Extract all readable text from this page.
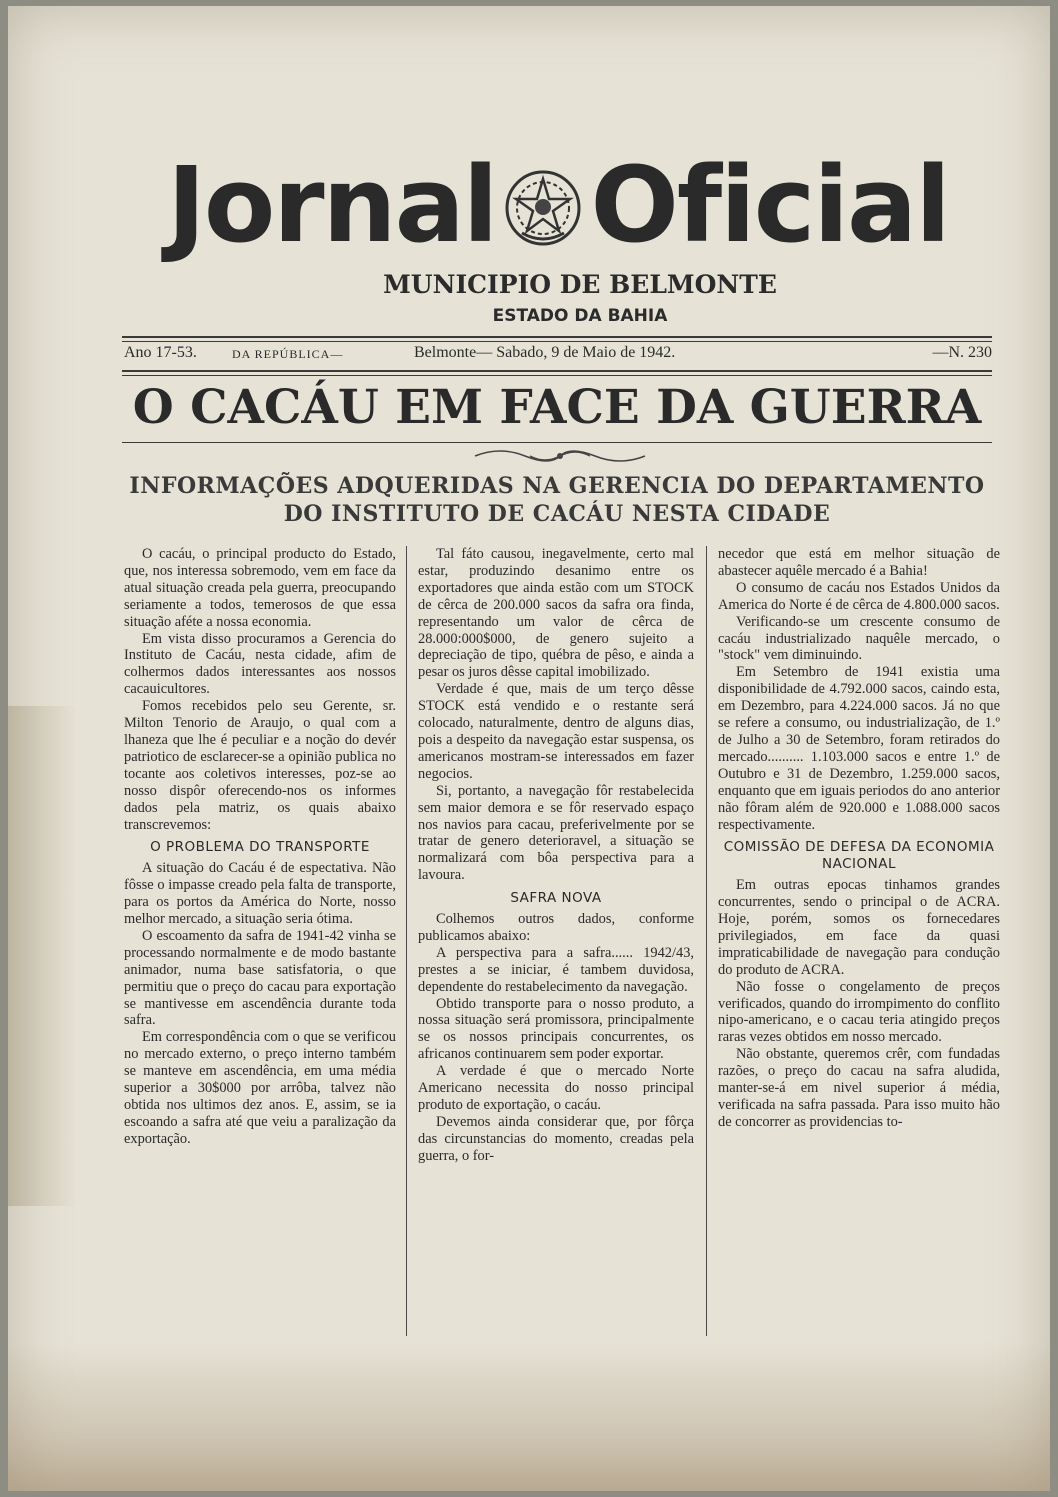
Jornal Oficial
MUNICIPIO DE BELMONTE
ESTADO DA BAHIA
Ano 17-53.	DA REPÚBLICA—	Belmonte— Sabado, 9 de Maio de 1942.	—N. 230
O CACÁU EM FACE DA GUERRA
INFORMAÇÕES ADQUERIDAS NA GERENCIA DO DEPARTAMENTO DO INSTITUTO DE CACÁU NESTA CIDADE

O cacáu, o principal producto do Estado, que, nos interessa sobremodo, vem em face da atual situação creada pela guerra, preocupando seriamente a todos, temerosos de que essa situação aféte a nossa economia.

Em vista disso procuramos a Gerencia do Instituto de Cacáu, nesta cidade, afim de colhermos dados interessantes aos nossos cacauicultores.

Fomos recebidos pelo seu Gerente, sr. Milton Tenorio de Araujo, o qual com a lhaneza que lhe é peculiar e a noção do devér patriotico de esclarecer-se a opinião publica no tocante aos coletivos interesses, poz-se ao nosso dispôr oferecendo-nos os informes dados pela matriz, os quais abaixo transcrevemos:

O PROBLEMA DO TRANSPORTE

A situação do Cacáu é de espectativa. Não fôsse o impasse creado pela falta de transporte, para os portos da América do Norte, nosso melhor mercado, a situação seria ótima.

O escoamento da safra de 1941-42 vinha se processando normalmente e de modo bastante animador, numa base satisfatoria, o que permitiu que o preço do cacau para exportação se mantivesse em ascendência durante toda safra.

Em correspondência com o que se verificou no mercado externo, o preço interno também se manteve em ascendência, em uma média superior a 30$000 por arrôba, talvez não obtida nos ultimos dez anos. E, assim, se ia escoando a safra até que veiu a paralização da exportação.

Tal fáto causou, inegavelmente, certo mal estar, produzindo desanimo entre os exportadores que ainda estão com um STOCK de cêrca de 200.000 sacos da safra ora finda, representando um valor de cêrca de 28.000:000$000, de genero sujeito a depreciação de tipo, québra de pêso, e ainda a pesar os juros dêsse capital imobilizado.

Verdade é que, mais de um terço dêsse STOCK está vendido e o restante será colocado, naturalmente, dentro de alguns dias, pois a despeito da navegação estar suspensa, os americanos mostram-se interessados em fazer negocios.

Si, portanto, a navegação fôr restabelecida sem maior demora e se fôr reservado espaço nos navios para cacau, preferivelmente por se tratar de genero deterioravel, a situação se normalizará com bôa perspectiva para a lavoura.

SAFRA NOVA

Colhemos outros dados, conforme publicamos abaixo:

A perspectiva para a safra...... 1942/43, prestes a se iniciar, é tambem duvidosa, dependente do restabelecimento da navegação.

Obtido transporte para o nosso produto, a nossa situação será promissora, principalmente se os nossos principais concurrentes, os africanos continuarem sem poder exportar.

A verdade é que o mercado Norte Americano necessita do nosso principal produto de exportação, o cacáu.

Devemos ainda considerar que, por fôrça das circunstancias do momento, creadas pela guerra, o for-

necedor que está em melhor situação de abastecer aquêle mercado é a Bahia!

O consumo de cacáu nos Estados Unidos da America do Norte é de cêrca de 4.800.000 sacos.

Verificando-se um crescente consumo de cacáu industrializado naquêle mercado, o "stock" vem diminuindo.

Em Setembro de 1941 existia uma disponibilidade de 4.792.000 sacos, caindo esta, em Dezembro, para 4.224.000 sacos. Já no que se refere a consumo, ou industrialização, de 1.º de Julho a 30 de Setembro, foram retirados do mercado.......... 1.103.000 sacos e entre 1.º de Outubro e 31 de Dezembro, 1.259.000 sacos, enquanto que em iguais periodos do ano anterior não fôram além de 920.000 e 1.088.000 sacos respectivamente.

COMISSÃO DE DEFESA DA ECONOMIA NACIONAL

Em outras epocas tinhamos grandes concurrentes, sendo o principal o de ACRA. Hoje, porém, somos os fornecedares privilegiados, em face da quasi impraticabilidade de navegação para condução do produto de ACRA.

Não fosse o congelamento de preços verificados, quando do irrompimento do conflito nipo-americano, e o cacau teria atingido preços raras vezes obtidos em nosso mercado.

Não obstante, queremos crêr, com fundadas razões, o preço do cacau na safra aludida, manter-se-á em nivel superior á média, verificada na safra passada. Para isso muito hão de concorrer as providencias to-
